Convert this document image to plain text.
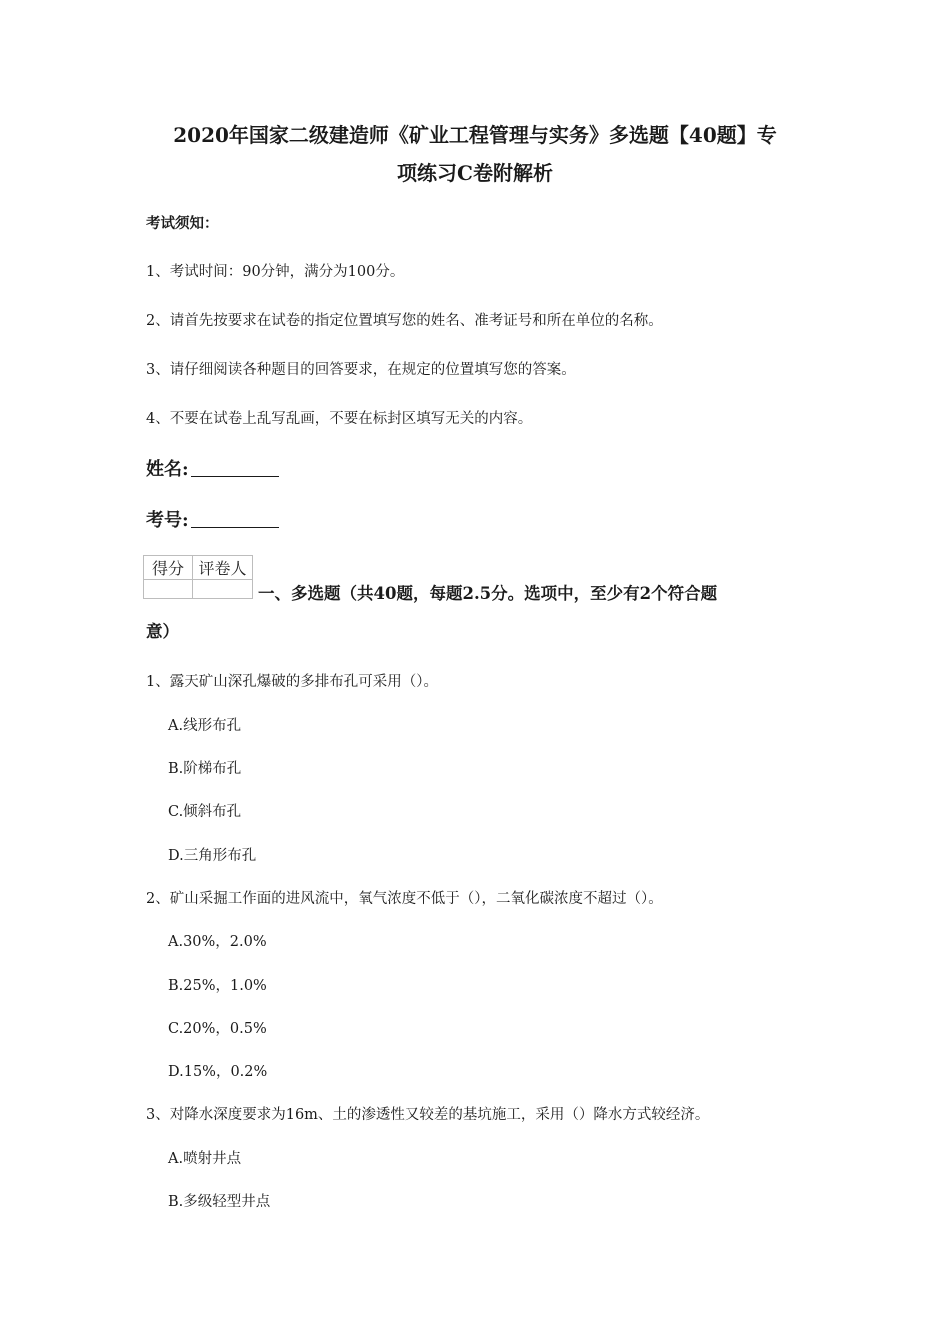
2020年国家二级建造师《矿业工程管理与实务》多选题【40题】专
项练习C卷附解析
考试须知：
1、考试时间：90分钟，满分为100分。
2、请首先按要求在试卷的指定位置填写您的姓名、准考证号和所在单位的名称。
3、请仔细阅读各种题目的回答要求，在规定的位置填写您的答案。
4、不要在试卷上乱写乱画，不要在标封区填写无关的内容。
姓名:
考号:
得分	评卷人

一、多选题（共40题，每题2.5分。选项中，至少有2个符合题
意）
1、露天矿山深孔爆破的多排布孔可采用（）。
A.线形布孔
B.阶梯布孔
C.倾斜布孔
D.三角形布孔
2、矿山采掘工作面的进风流中，氧气浓度不低于（），二氧化碳浓度不超过（）。
A.30%，2.0%
B.25%，1.0%
C.20%，0.5%
D.15%，0.2%
3、对降水深度要求为16m、土的渗透性又较差的基坑施工，采用（）降水方式较经济。
A.喷射井点
B.多级轻型井点
